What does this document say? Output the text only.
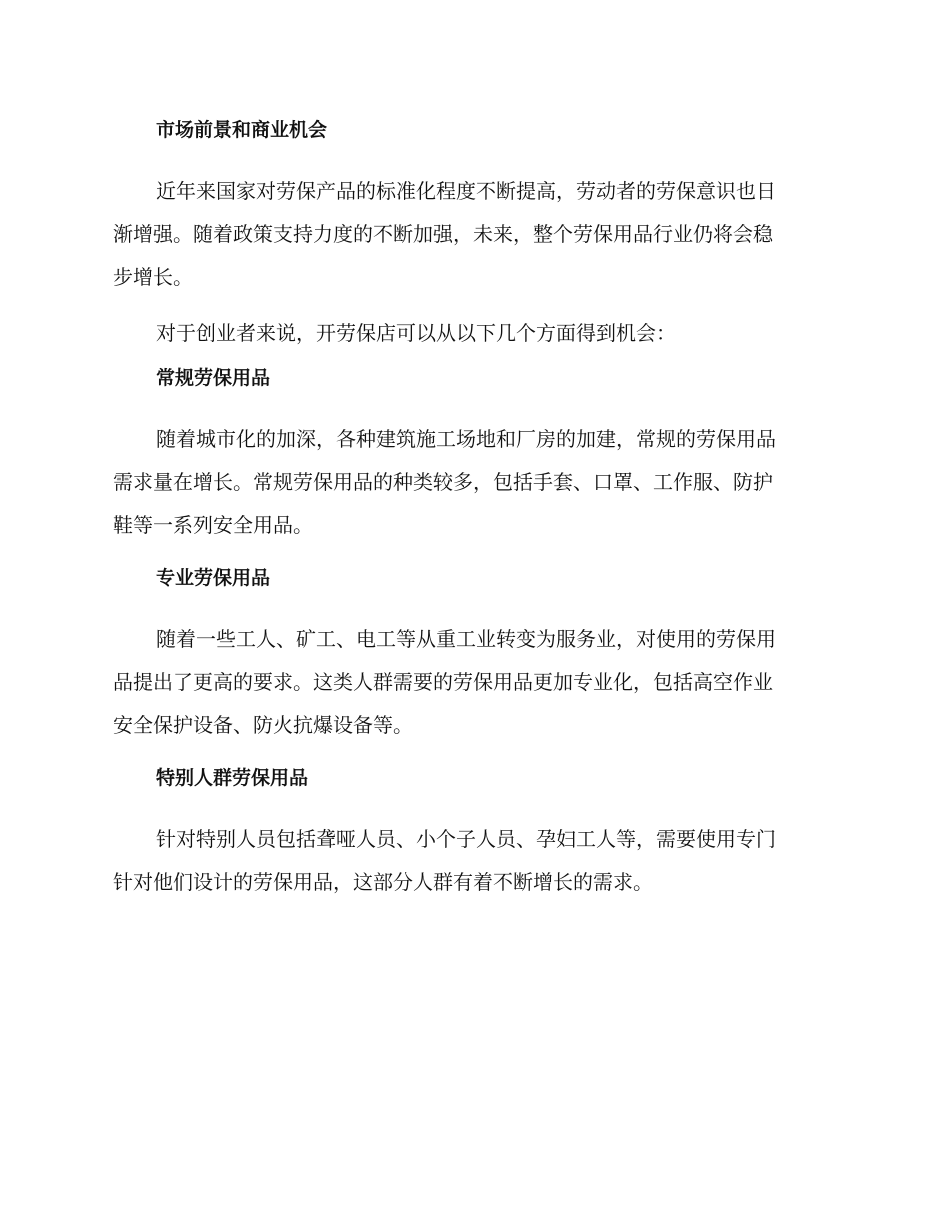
市场前景和商业机会
近年来国家对劳保产品的标准化程度不断提高，劳动者的劳保意识也日
渐增强。随着政策支持力度的不断加强，未来，整个劳保用品行业仍将会稳
步增长。
对于创业者来说，开劳保店可以从以下几个方面得到机会：
常规劳保用品
随着城市化的加深，各种建筑施工场地和厂房的加建，常规的劳保用品
需求量在增长。常规劳保用品的种类较多，包括手套、口罩、工作服、防护
鞋等一系列安全用品。
专业劳保用品
随着一些工人、矿工、电工等从重工业转变为服务业，对使用的劳保用
品提出了更高的要求。这类人群需要的劳保用品更加专业化，包括高空作业
安全保护设备、防火抗爆设备等。
特别人群劳保用品
针对特别人员包括聋哑人员、小个子人员、孕妇工人等，需要使用专门
针对他们设计的劳保用品，这部分人群有着不断增长的需求。
